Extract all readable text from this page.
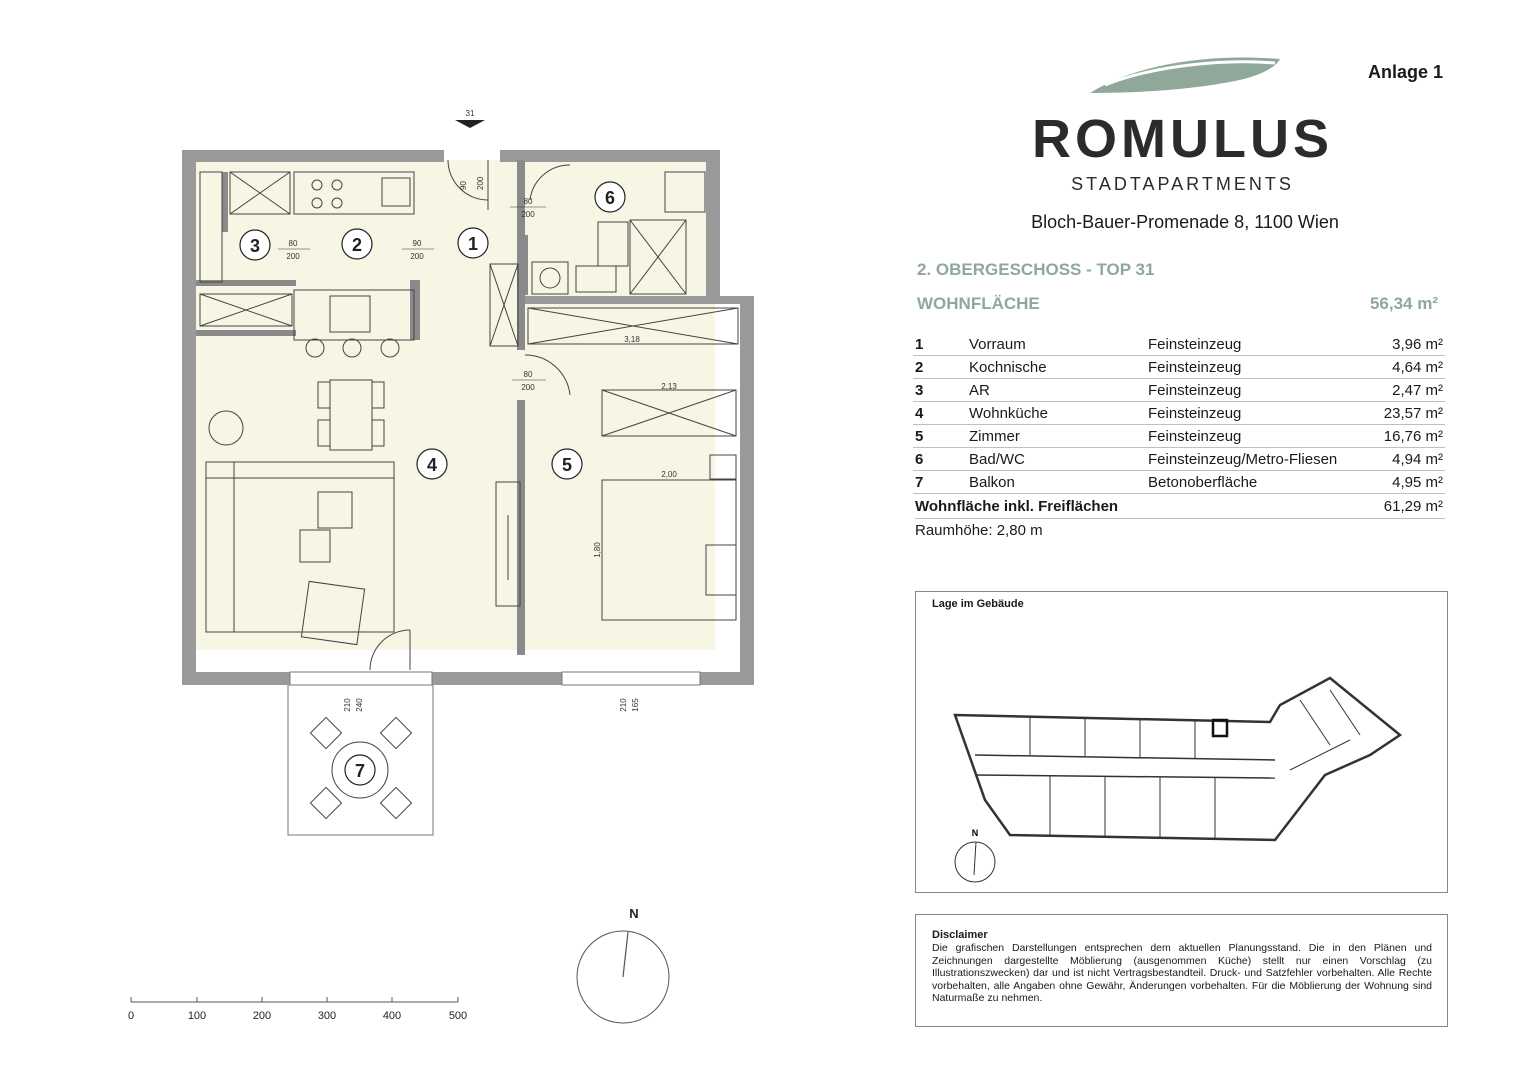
31
1
2
3
4	5
6
7
90 200
80
200
80
200
90
200
80
200
3,18
2,13
2,00
1,80
210 240	210 165
N
0	100	200	300	400	500
Anlage 1
ROMULUS
STADTAPARTMENTS
Bloch-Bauer-Promenade 8, 1100 Wien
2. OBERGESCHOSS - TOP 31
WOHNFLÄCHE	56,34 m²
1	Vorraum	Feinsteinzeug	3,96 m²
2	Kochnische	Feinsteinzeug	4,64 m²
3	AR	Feinsteinzeug	2,47 m²
4	Wohnküche	Feinsteinzeug	23,57 m²
5	Zimmer	Feinsteinzeug	16,76 m²
6	Bad/WC	Feinsteinzeug/Metro-Fliesen	4,94 m²
7	Balkon	Betonoberfläche	4,95 m²
Wohnfläche inkl. Freiflächen	61,29 m²
Raumhöhe: 2,80 m
Lage im Gebäude
N
Disclaimer
Die grafischen Darstellungen entsprechen dem aktuellen Planungsstand. Die in den Plänen und Zeichnungen dargestellte Möblierung (ausgenommen Küche) stellt nur einen Vorschlag (zu Illustrationszwecken) dar und ist nicht Vertragsbestandteil. Druck- und Satzfehler vorbehalten. Alle Rechte vorbehalten, alle Angaben ohne Gewähr, Änderungen vorbehalten. Für die Möblierung der Wohnung sind Naturmaße zu nehmen.
